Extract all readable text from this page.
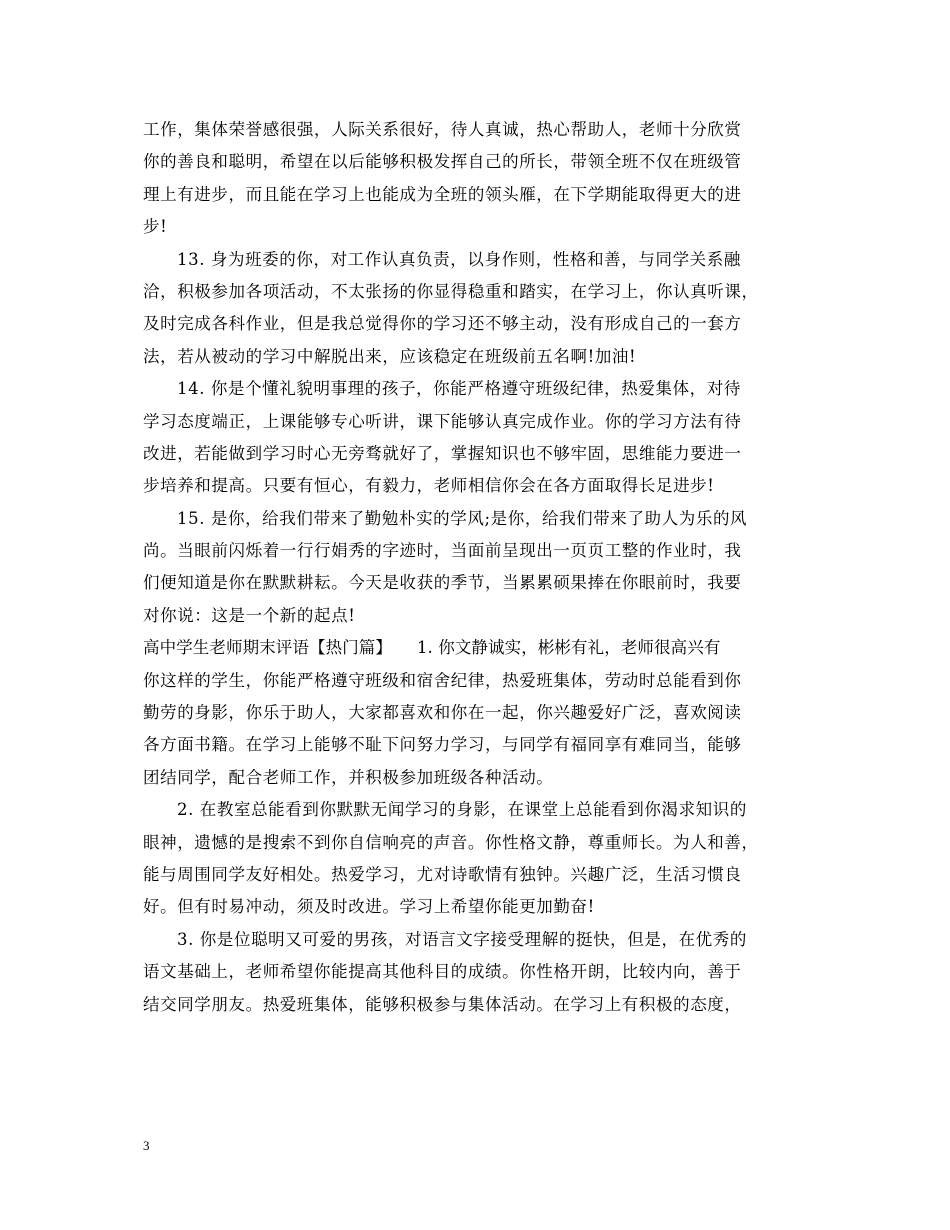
工作，集体荣誉感很强，人际关系很好，待人真诚，热心帮助人，老师十分欣赏
你的善良和聪明，希望在以后能够积极发挥自己的所长，带领全班不仅在班级管
理上有进步，而且能在学习上也能成为全班的领头雁，在下学期能取得更大的进
步!
13. 身为班委的你，对工作认真负责，以身作则，性格和善，与同学关系融
洽，积极参加各项活动，不太张扬的你显得稳重和踏实，在学习上，你认真听课，
及时完成各科作业，但是我总觉得你的学习还不够主动，没有形成自己的一套方
法，若从被动的学习中解脱出来，应该稳定在班级前五名啊!加油!
14. 你是个懂礼貌明事理的孩子，你能严格遵守班级纪律，热爱集体，对待
学习态度端正，上课能够专心听讲，课下能够认真完成作业。你的学习方法有待
改进，若能做到学习时心无旁骛就好了，掌握知识也不够牢固，思维能力要进一
步培养和提高。只要有恒心，有毅力，老师相信你会在各方面取得长足进步!
15. 是你，给我们带来了勤勉朴实的学风;是你，给我们带来了助人为乐的风
尚。当眼前闪烁着一行行娟秀的字迹时，当面前呈现出一页页工整的作业时，我
们便知道是你在默默耕耘。今天是收获的季节，当累累硕果捧在你眼前时，我要
对你说：这是一个新的起点!
高中学生老师期末评语【热门篇】　　1. 你文静诚实，彬彬有礼，老师很高兴有
你这样的学生，你能严格遵守班级和宿舍纪律，热爱班集体，劳动时总能看到你
勤劳的身影，你乐于助人，大家都喜欢和你在一起，你兴趣爱好广泛，喜欢阅读
各方面书籍。在学习上能够不耻下问努力学习，与同学有福同享有难同当，能够
团结同学，配合老师工作，并积极参加班级各种活动。
2. 在教室总能看到你默默无闻学习的身影，在课堂上总能看到你渴求知识的
眼神，遗憾的是搜索不到你自信响亮的声音。你性格文静，尊重师长。为人和善，
能与周围同学友好相处。热爱学习，尤对诗歌情有独钟。兴趣广泛，生活习惯良
好。但有时易冲动，须及时改进。学习上希望你能更加勤奋!
3. 你是位聪明又可爱的男孩，对语言文字接受理解的挺快，但是，在优秀的
语文基础上，老师希望你能提高其他科目的成绩。你性格开朗，比较内向，善于
结交同学朋友。热爱班集体，能够积极参与集体活动。在学习上有积极的态度，
3
